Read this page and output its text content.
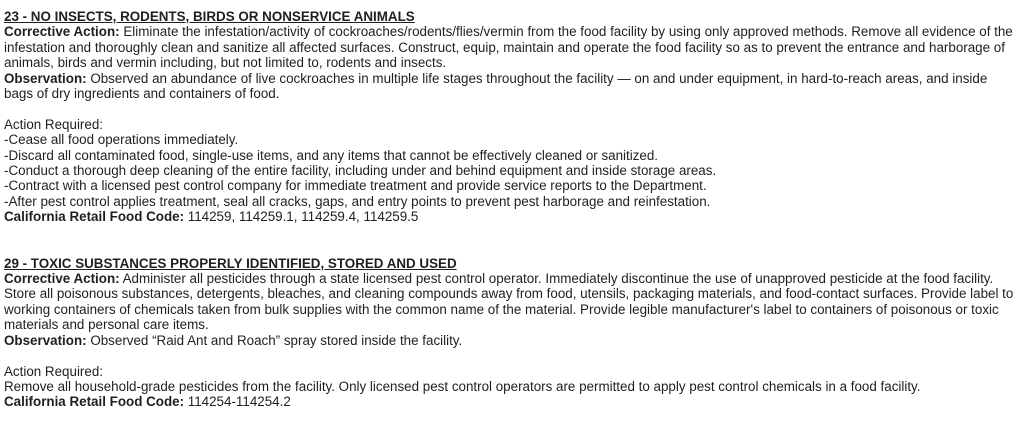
23 - NO INSECTS, RODENTS, BIRDS OR NONSERVICE ANIMALS

Corrective Action: Eliminate the infestation/activity of cockroaches/rodents/flies/vermin from the food facility by using only approved methods. Remove all evidence of the infestation and thoroughly clean and sanitize all affected surfaces. Construct, equip, maintain and operate the food facility so as to prevent the entrance and harborage of animals, birds and vermin including, but not limited to, rodents and insects.

Observation: Observed an abundance of live cockroaches in multiple life stages throughout the facility — on and under equipment, in hard-to-reach areas, and inside bags of dry ingredients and containers of food.

Action Required:
-Cease all food operations immediately.
-Discard all contaminated food, single-use items, and any items that cannot be effectively cleaned or sanitized.
-Conduct a thorough deep cleaning of the entire facility, including under and behind equipment and inside storage areas.
-Contract with a licensed pest control company for immediate treatment and provide service reports to the Department.
-After pest control applies treatment, seal all cracks, gaps, and entry points to prevent pest harborage and reinfestation.

California Retail Food Code: 114259, 114259.1, 114259.4, 114259.5

29 - TOXIC SUBSTANCES PROPERLY IDENTIFIED, STORED AND USED

Corrective Action: Administer all pesticides through a state licensed pest control operator. Immediately discontinue the use of unapproved pesticide at the food facility. Store all poisonous substances, detergents, bleaches, and cleaning compounds away from food, utensils, packaging materials, and food-contact surfaces. Provide label to working containers of chemicals taken from bulk supplies with the common name of the material. Provide legible manufacturer's label to containers of poisonous or toxic materials and personal care items.

Observation: Observed “Raid Ant and Roach” spray stored inside the facility.

Action Required:
Remove all household-grade pesticides from the facility. Only licensed pest control operators are permitted to apply pest control chemicals in a food facility.

California Retail Food Code: 114254-114254.2
